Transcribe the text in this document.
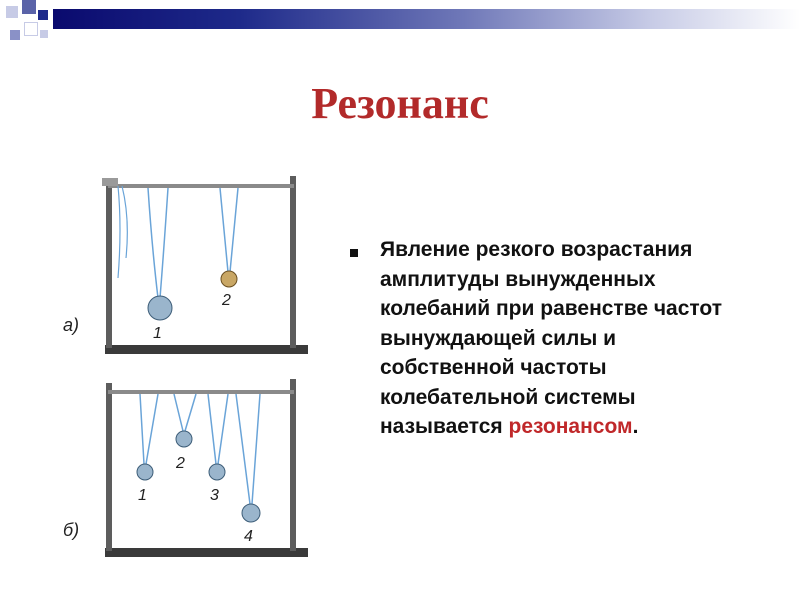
Резонанс
а)	1
2
б)
1
2
3
4
Явление резкого возрастания амплитуды вынужденных колебаний при равенстве частот вынуждающей силы и собственной частоты колебательной системы называется резонансом.
